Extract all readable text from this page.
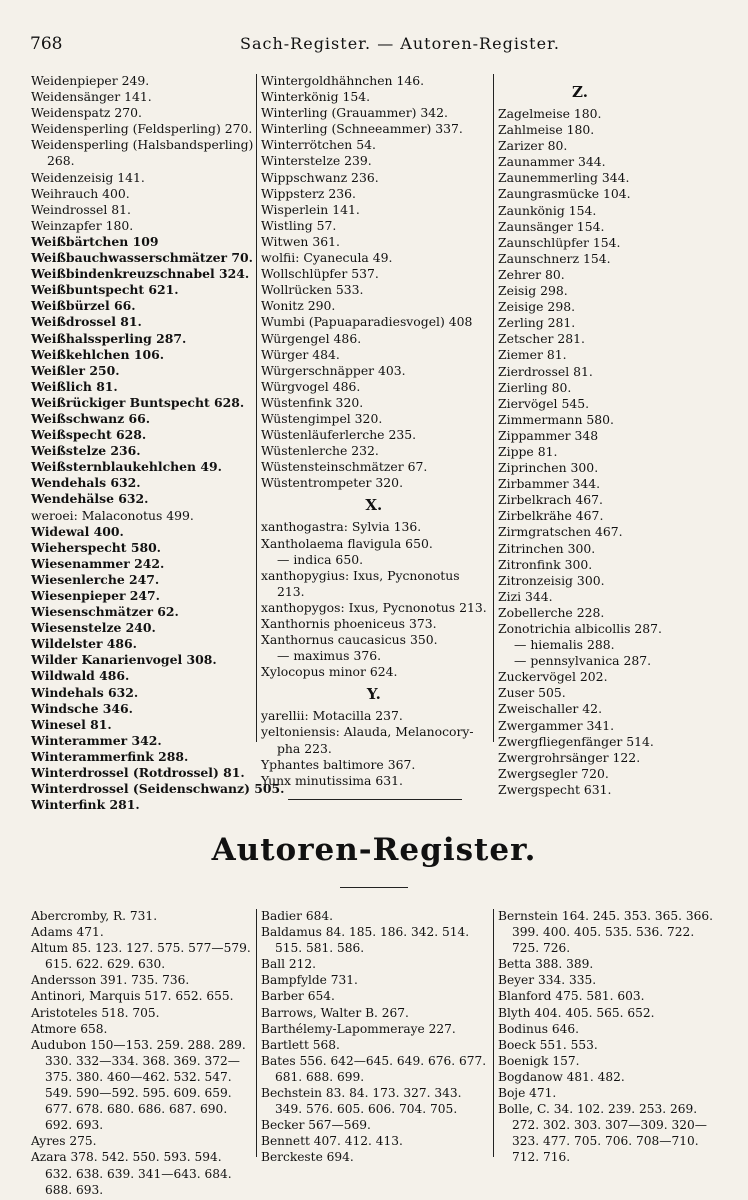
768	Sach-Register. — Autoren-Register.
Weidenpieper 249.
Weidensänger 141.
Weidenspatz 270.
Weidensperling (Feldsperling) 270.
Weidensperling (Halsbandsperling)
268.
Weidenzeisig 141.
Weihrauch 400.
Weindrossel 81.
Weinzapfer 180.
Weißbärtchen 109
Weißbauchwasserschmätzer 70.
Weißbindenkreuzschnabel 324.
Weißbuntspecht 621.
Weißbürzel 66.
Weißdrossel 81.
Weißhalssperling 287.
Weißkehlchen 106.
Weißler 250.
Weißlich 81.
Weißrückiger Buntspecht 628.
Weißschwanz 66.
Weißspecht 628.
Weißstelze 236.
Weißsternblaukehlchen 49.
Wendehals 632.
Wendehälse 632.
weroei: Malaconotus 499.
Widewal 400.
Wieherspecht 580.
Wiesenammer 242.
Wiesenlerche 247.
Wiesenpieper 247.
Wiesenschmätzer 62.
Wiesenstelze 240.
Wildelster 486.
Wilder Kanarienvogel 308.
Wildwald 486.
Windehals 632.
Windsche 346.
Winesel 81.
Winterammer 342.
Winterammerfink 288.
Winterdrossel (Rotdrossel) 81.
Winterdrossel (Seidenschwanz) 505.
Winterfink 281.
Wintergoldhähnchen 146.
Winterkönig 154.
Winterling (Grauammer) 342.
Winterling (Schneeammer) 337.
Winterrötchen 54.
Winterstelze 239.
Wippschwanz 236.
Wippsterz 236.
Wisperlein 141.
Wistling 57.
Witwen 361.
wolfii: Cyanecula 49.
Wollschlüpfer 537.
Wollrücken 533.
Wonitz 290.
Wumbi (Papuaparadiesvogel) 408
Würgengel 486.
Würger 484.
Würgerschnäpper 403.
Würgvogel 486.
Wüstenfink 320.
Wüstengimpel 320.
Wüstenläuferlerche 235.
Wüstenlerche 232.
Wüstensteinschmätzer 67.
Wüstentrompeter 320.
X.
xanthogastra: Sylvia 136.
Xantholaema flavigula 650.
— indica 650.
xanthopygius: Ixus, Pycnonotus
213.
xanthopygos: Ixus, Pycnonotus 213.
Xanthornis phoeniceus 373.
Xanthornus caucasicus 350.
— maximus 376.
Xylocopus minor 624.
Y.
yarellii: Motacilla 237.
yeltoniensis: Alauda, Melanocory-
pha 223.
Yphantes baltimore 367.
Yunx minutissima 631.
Z.
Zagelmeise 180.
Zahlmeise 180.
Zarizer 80.
Zaunammer 344.
Zaunemmerling 344.
Zaungrasmücke 104.
Zaunkönig 154.
Zaunsänger 154.
Zaunschlüpfer 154.
Zaunschnerz 154.
Zehrer 80.
Zeisig 298.
Zeisige 298.
Zerling 281.
Zetscher 281.
Ziemer 81.
Zierdrossel 81.
Zierling 80.
Ziervögel 545.
Zimmermann 580.
Zippammer 348
Zippe 81.
Ziprinchen 300.
Zirbammer 344.
Zirbelkrach 467.
Zirbelkrähe 467.
Zirmgratschen 467.
Zitrinchen 300.
Zitronfink 300.
Zitronzeisig 300.
Zizi 344.
Zobellerche 228.
Zonotrichia albicollis 287.
— hiemalis 288.
— pennsylvanica 287.
Zuckervögel 202.
Zuser 505.
Zweischaller 42.
Zwergammer 341.
Zwergfliegenfänger 514.
Zwergrohrsänger 122.
Zwergsegler 720.
Zwergspecht 631.
Autoren-Register.
Abercromby, R. 731.
Adams 471.
Altum 85. 123. 127. 575. 577—579. 615. 622. 629. 630.
Andersson 391. 735. 736.
Antinori, Marquis 517. 652. 655.
Aristoteles 518. 705.
Atmore 658.
Audubon 150—153. 259. 288. 289. 330. 332—334. 368. 369. 372—375. 380. 460—462. 532. 547. 549. 590—592. 595. 609. 659. 677. 678. 680. 686. 687. 690. 692. 693.
Ayres 275.
Azara 378. 542. 550. 593. 594. 632. 638. 639. 341—643. 684. 688. 693.
Badier 684.
Baldamus 84. 185. 186. 342. 514. 515. 581. 586.
Ball 212.
Bampfylde 731.
Barber 654.
Barrows, Walter B. 267.
Barthélemy-Lapommeraye 227.
Bartlett 568.
Bates 556. 642—645. 649. 676. 677. 681. 688. 699.
Bechstein 83. 84. 173. 327. 343. 349. 576. 605. 606. 704. 705.
Becker 567—569.
Bennett 407. 412. 413.
Berckeste 694.
Bernstein 164. 245. 353. 365. 366. 399. 400. 405. 535. 536. 722. 725. 726.
Betta 388. 389.
Beyer 334. 335.
Blanford 475. 581. 603.
Blyth 404. 405. 565. 652.
Bodinus 646.
Boeck 551. 553.
Boenigk 157.
Bogdanow 481. 482.
Boje 471.
Bolle, C. 34. 102. 239. 253. 269. 272. 302. 303. 307—309. 320—323. 477. 705. 706. 708—710. 712. 716.
